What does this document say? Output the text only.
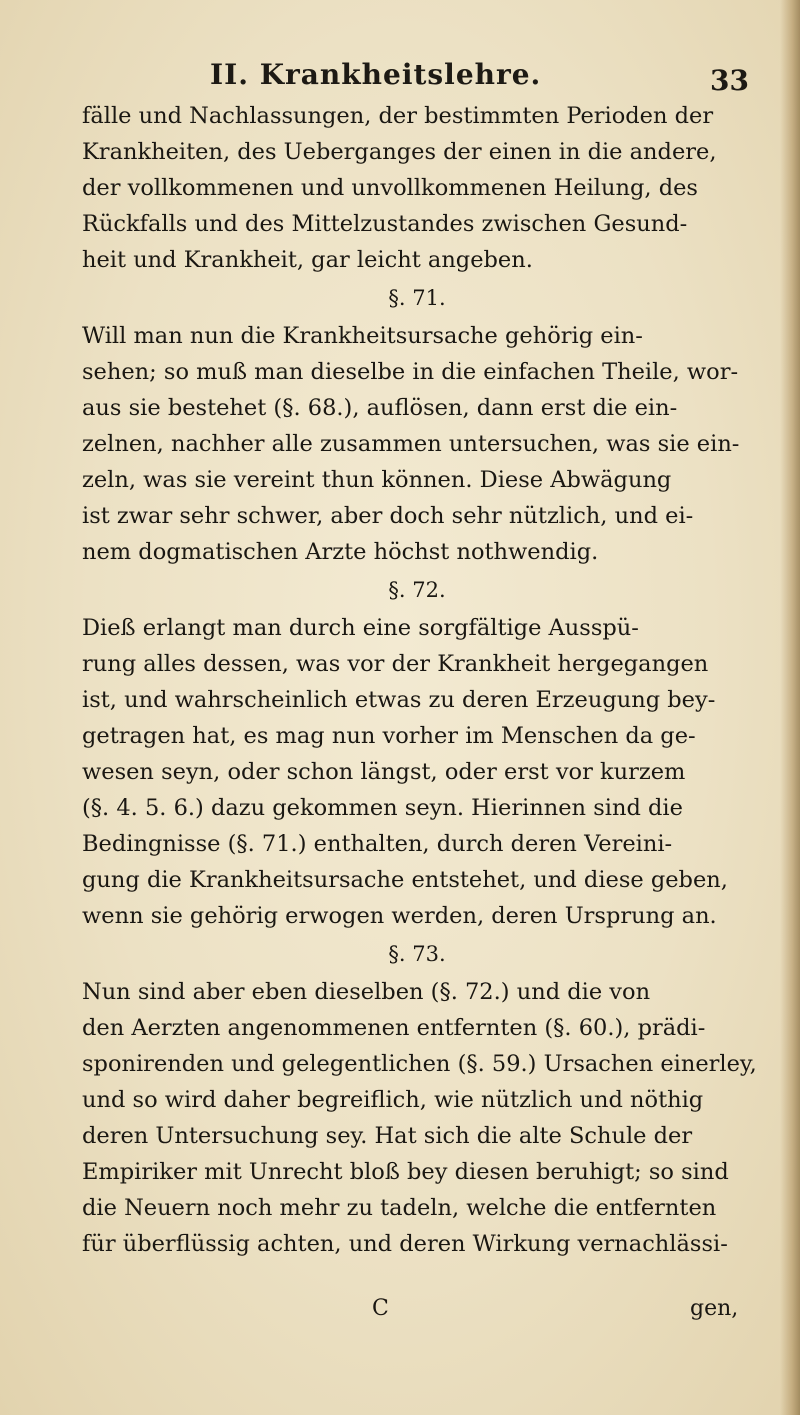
II. Krankheitslehre.	33
fälle und Nachlassungen, der bestimmten Perioden der
Krankheiten, des Ueberganges der einen in die andere,
der vollkommenen und unvollkommenen Heilung, des
Rückfalls und des Mittelzustandes zwischen Gesund-
heit und Krankheit, gar leicht angeben.
§. 71.
Will man nun die Krankheitsursache gehörig ein-
sehen; so muß man dieselbe in die einfachen Theile, wor-
aus sie bestehet (§. 68.), auflösen, dann erst die ein-
zelnen, nachher alle zusammen untersuchen, was sie ein-
zeln, was sie vereint thun können. Diese Abwägung
ist zwar sehr schwer, aber doch sehr nützlich, und ei-
nem dogmatischen Arzte höchst nothwendig.
§. 72.
Dieß erlangt man durch eine sorgfältige Ausspü-
rung alles dessen, was vor der Krankheit hergegangen
ist, und wahrscheinlich etwas zu deren Erzeugung bey-
getragen hat, es mag nun vorher im Menschen da ge-
wesen seyn, oder schon längst, oder erst vor kurzem
(§. 4. 5. 6.) dazu gekommen seyn. Hierinnen sind die
Bedingnisse (§. 71.) enthalten, durch deren Vereini-
gung die Krankheitsursache entstehet, und diese geben,
wenn sie gehörig erwogen werden, deren Ursprung an.
§. 73.
Nun sind aber eben dieselben (§. 72.) und die von
den Aerzten angenommenen entfernten (§. 60.), prädi-
sponirenden und gelegentlichen (§. 59.) Ursachen einerley,
und so wird daher begreiflich, wie nützlich und nöthig
deren Untersuchung sey. Hat sich die alte Schule der
Empiriker mit Unrecht bloß bey diesen beruhigt; so sind
die Neuern noch mehr zu tadeln, welche die entfernten
für überflüssig achten, und deren Wirkung vernachlässi-
C	gen,
